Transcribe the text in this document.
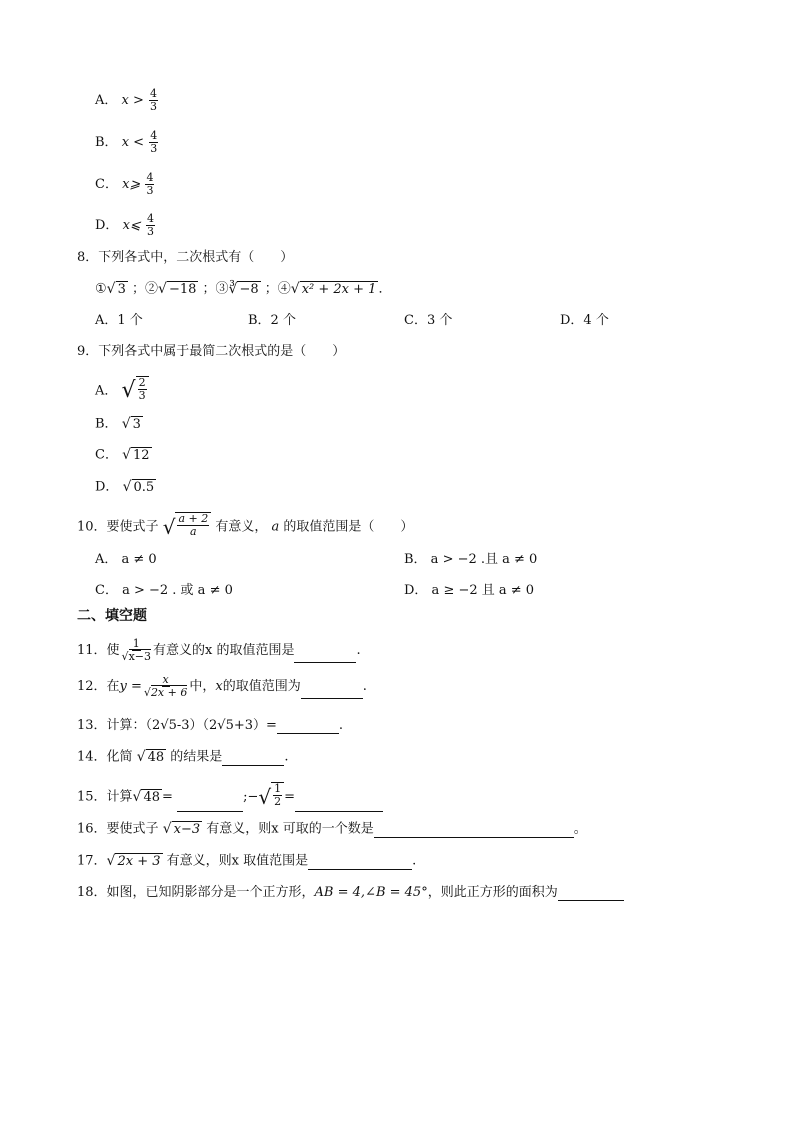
A． $x > \frac{4}{3}$
B． $x < \frac{4}{3}$
C． x⩾ $\frac{4}{3}$
D． x⩽ $\frac{4}{3}$
8．下列各式中，二次根式有（　　）
① √ 3 ；② √ −18 ；③ ∛ −8 ；④ √ x² + 2x + 1 ．
A．1 个	B．2 个	C．3 个	D．4 个
9．下列各式中属于最简二次根式的是（　　）
A． √ $\frac{2}{3}$
B． √ 3
C． √ 12
D． √ 0.5
10．要使式子 √ $\frac{a + 2}{a}$ 有意义， a 的取值范围是（　　）
A． a ≠ 0	B． a > −2 .且 a ≠ 0
C． a > −2 . 或 a ≠ 0	D． a ≥ −2 且 a ≠ 0
二、填空题
11．使 $\frac{1}{√x-3}$ 有意义的x 的取值范围是	.
12．在$y = \frac{x}{√2x + 6}$ 中，x的取值范围为	.
13．计算：（2√5-3）（2√5+3）=	.
14．化简 √ 48 的结果是	.
15．计算 √ 48 =	;− √ $\frac{1}{2}$ =
16．要使式子 √ x−3 有意义，则x 可取的一个数是	。
17． √ 2x + 3 有意义，则x 取值范围是	.
18．如图，已知阴影部分是一个正方形，AB = 4,∠B = 45°，则此正方形的面积为
